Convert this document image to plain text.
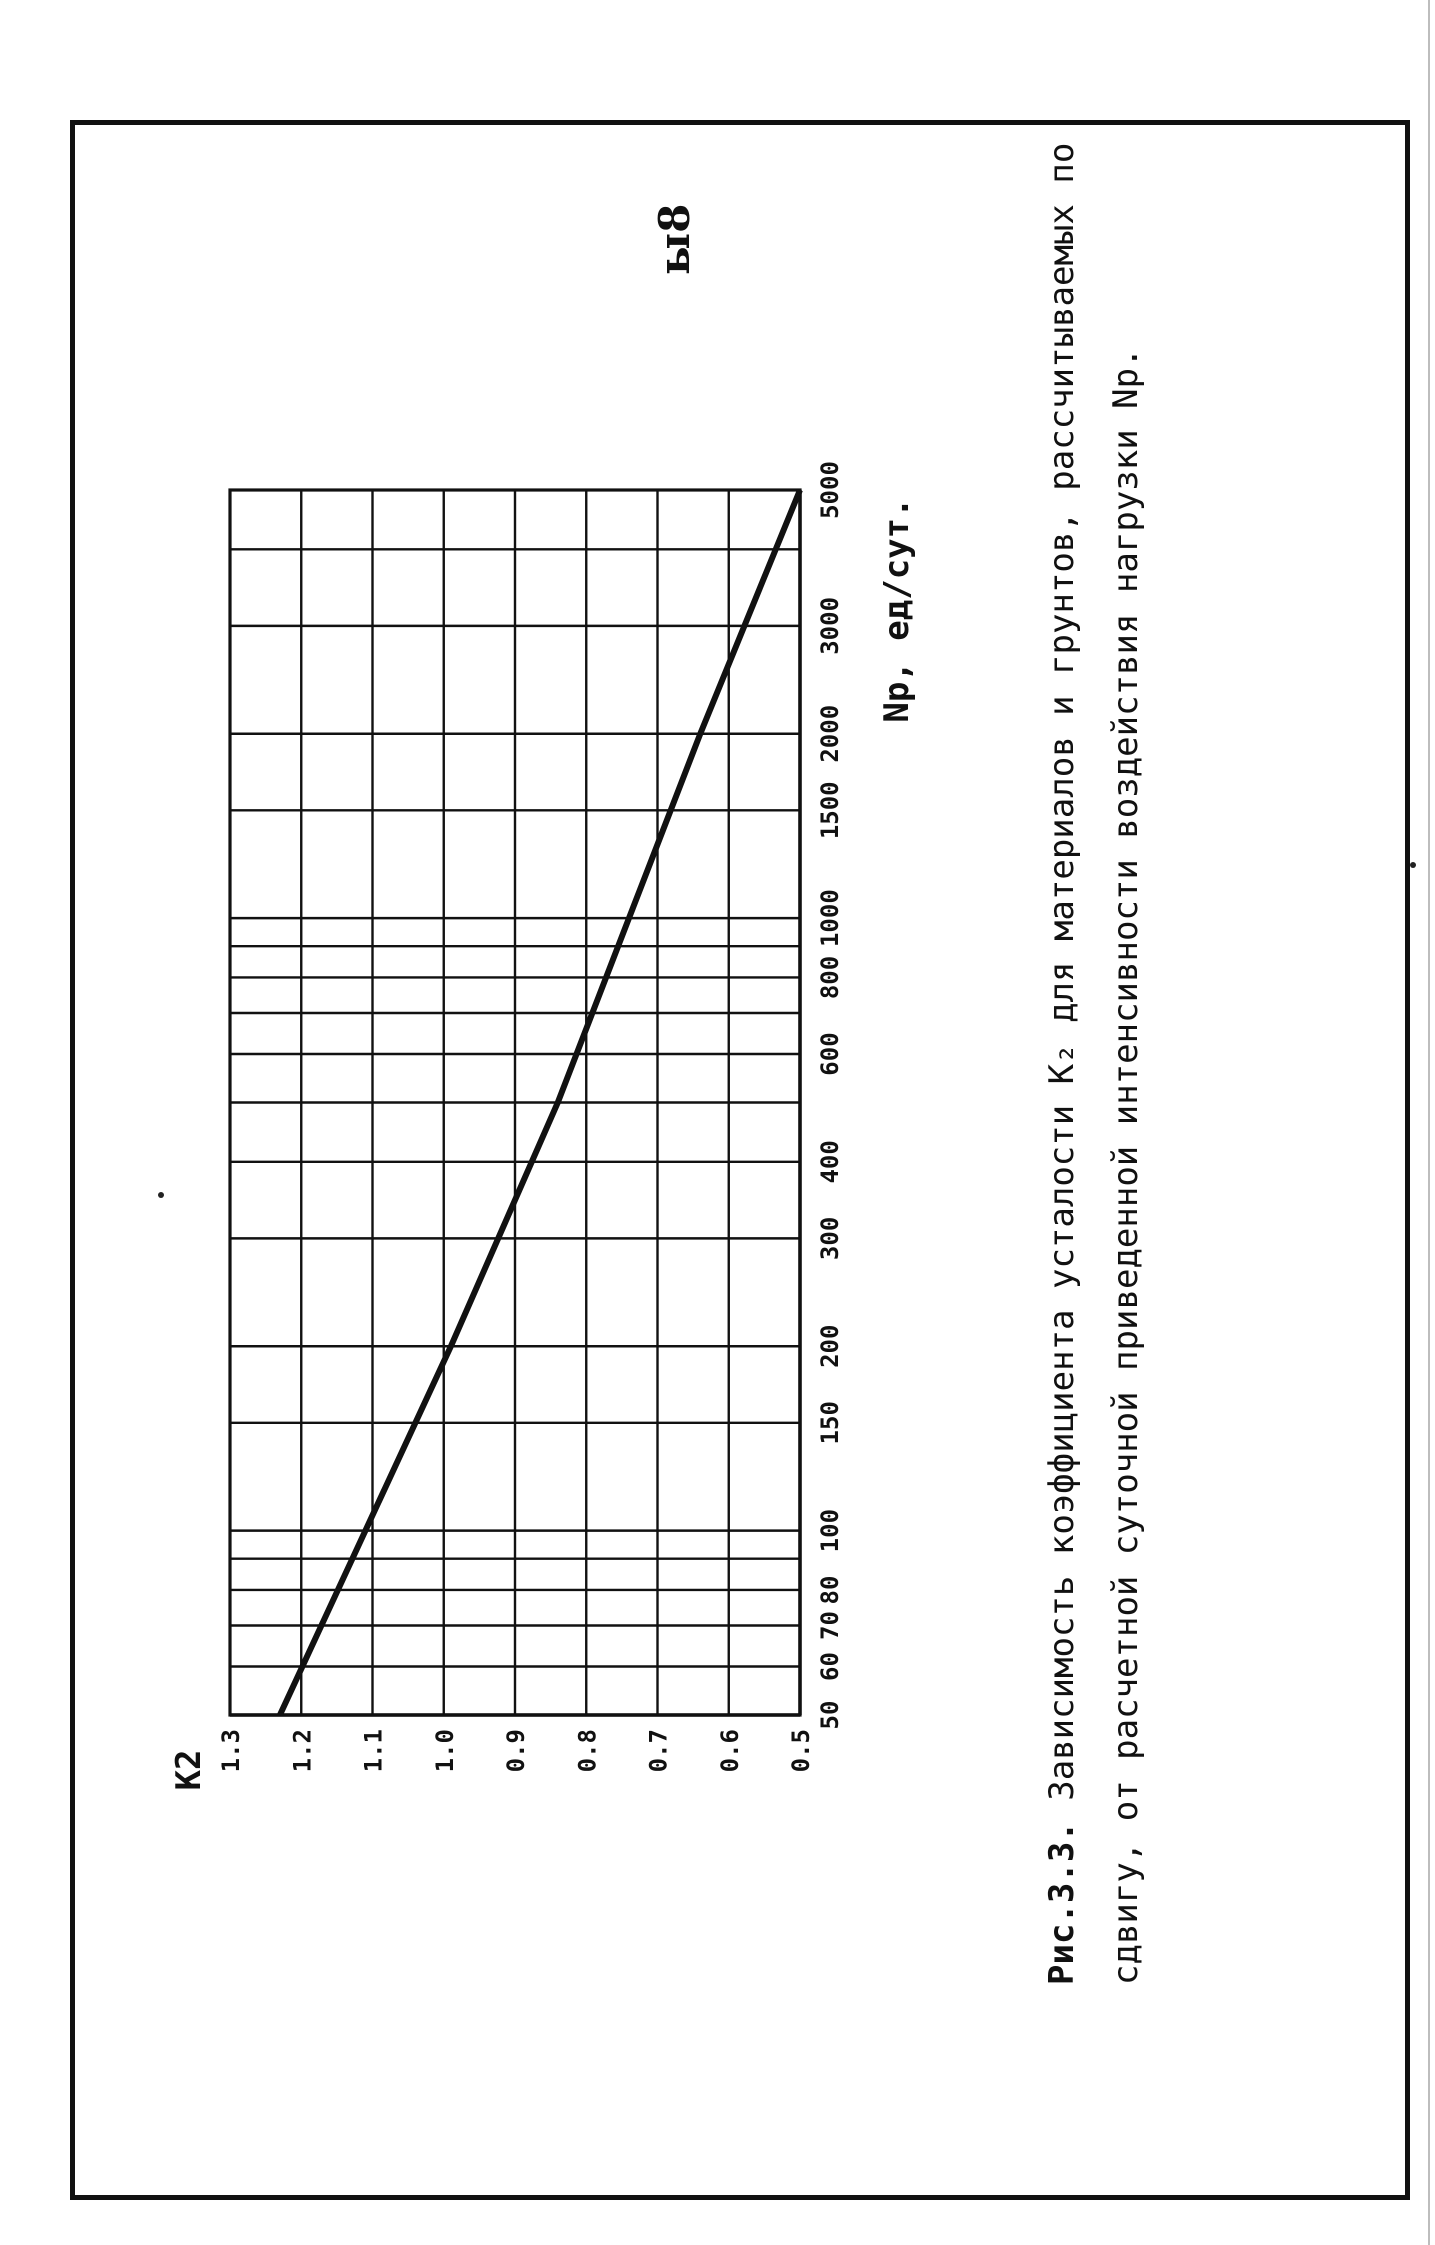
ы8
50
60
70
80
100
150
200
300
400
600
800
1000
1500
2000
3000
5000
0.5
0.6
0.7
0.8
0.9
1.0
1.1
1.2
1.3
K2
Np, ед/сут.
Рис.3.3. Зависимость коэффициента усталости K₂ для материалов и грунтов, рассчитываемых по сдвигу, от расчетной суточной приведенной интенсивности воздействия нагрузки Np.
